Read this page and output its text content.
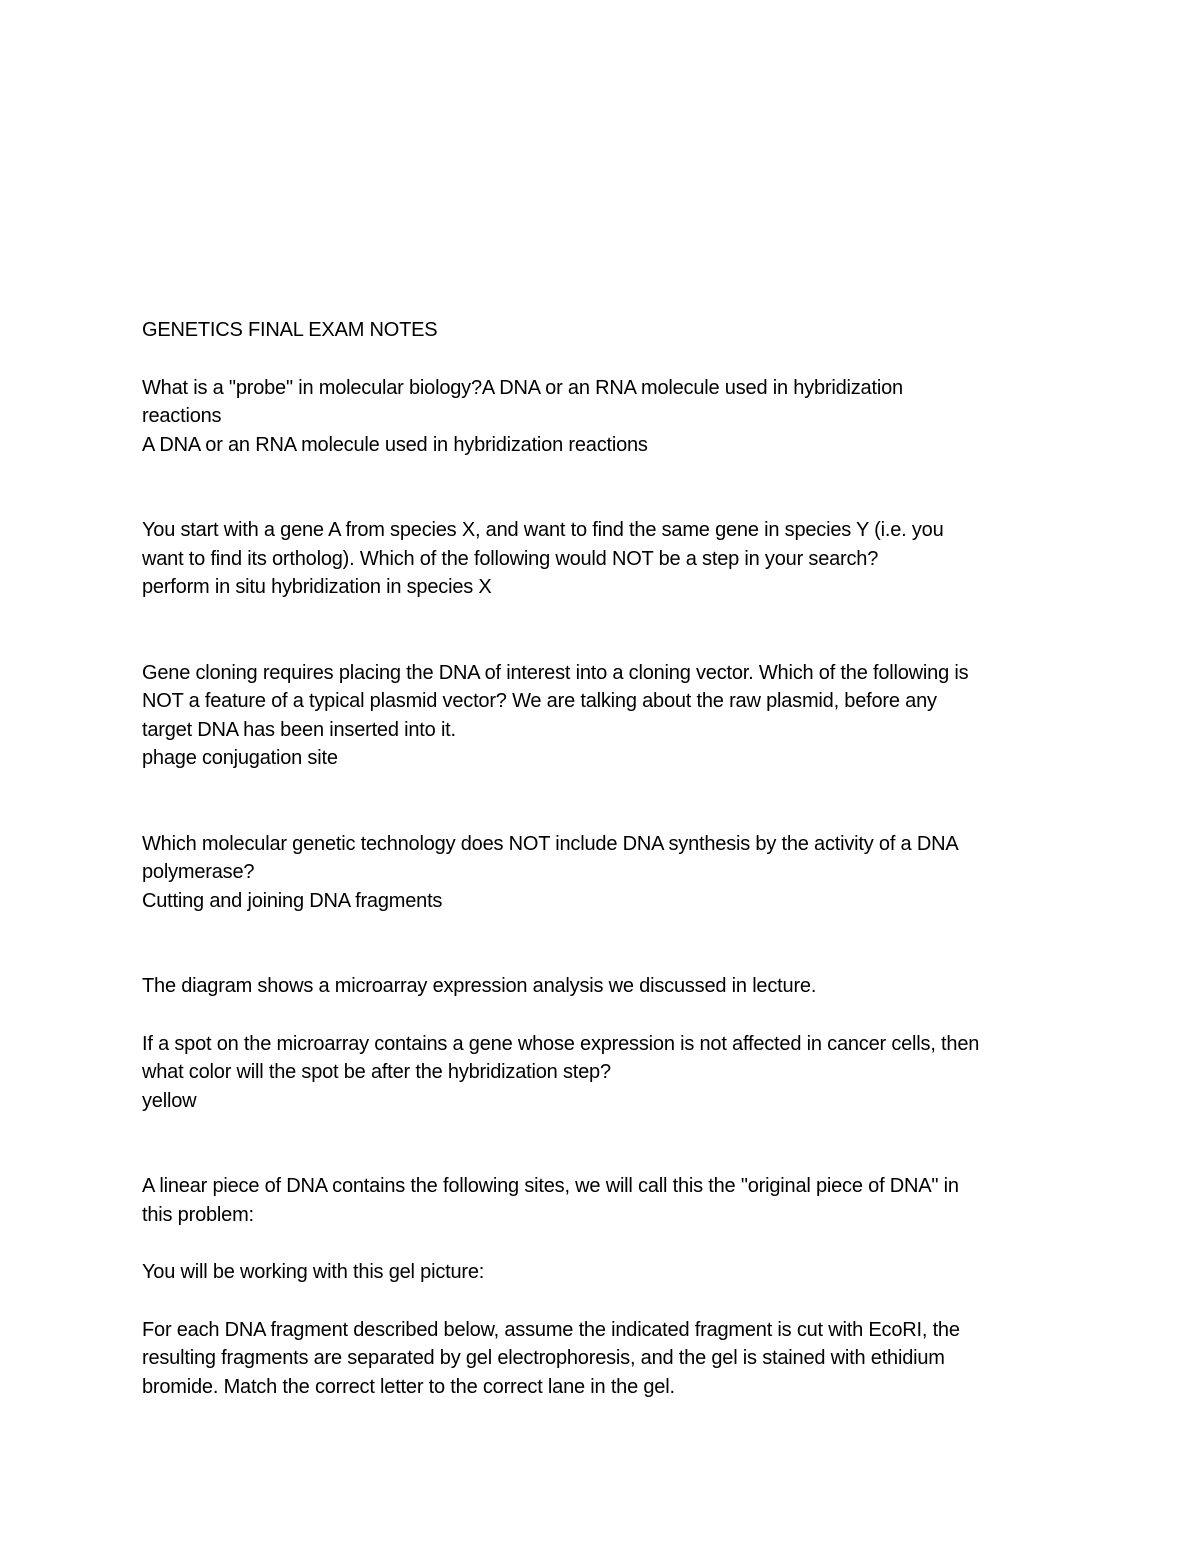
GENETICS FINAL EXAM NOTES
What is a "probe" in molecular biology?A DNA or an RNA molecule used in hybridization
reactions
A DNA or an RNA molecule used in hybridization reactions
You start with a gene A from species X, and want to find the same gene in species Y (i.e. you
want to find its ortholog). Which of the following would NOT be a step in your search?
perform in situ hybridization in species X
Gene cloning requires placing the DNA of interest into a cloning vector. Which of the following is
NOT a feature of a typical plasmid vector? We are talking about the raw plasmid, before any
target DNA has been inserted into it.
phage conjugation site
Which molecular genetic technology does NOT include DNA synthesis by the activity of a DNA
polymerase?
Cutting and joining DNA fragments
The diagram shows a microarray expression analysis we discussed in lecture.
If a spot on the microarray contains a gene whose expression is not affected in cancer cells, then
what color will the spot be after the hybridization step?
yellow
A linear piece of DNA contains the following sites, we will call this the "original piece of DNA" in
this problem:
You will be working with this gel picture:
For each DNA fragment described below, assume the indicated fragment is cut with EcoRI, the
resulting fragments are separated by gel electrophoresis, and the gel is stained with ethidium
bromide. Match the correct letter to the correct lane in the gel.
